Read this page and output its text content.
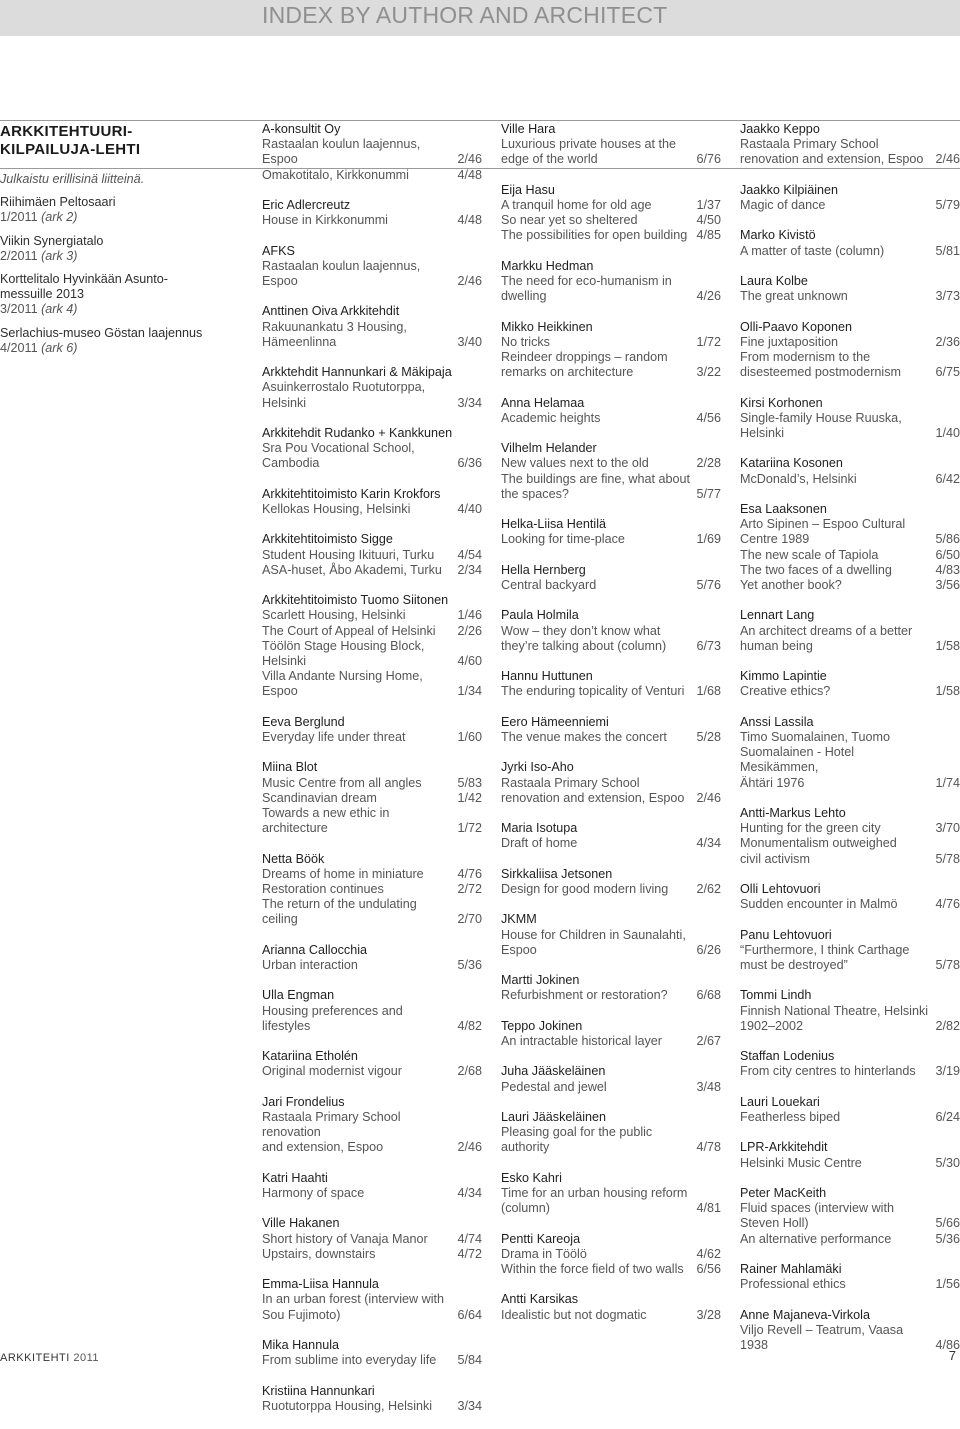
INDEX BY AUTHOR AND ARCHITECT
ARKKITEHTUURI-
KILPAILUJA-LEHTI
Julkaistu erillisinä liitteinä.
Riihimäen Peltosaari
1/2011 (ark 2)
Viikin Synergiatalo
2/2011 (ark 3)
Korttelitalo Hyvinkään Asunto-
messuille 2013
3/2011 (ark 4)
Serlachius-museo Göstan laajennus
4/2011 (ark 6)
A-konsultit Oy
Rastaalan koulun laajennus, Espoo	2/46
Omakotitalo, Kirkkonummi	4/48
Eric Adlercreutz
House in Kirkkonummi	4/48
AFKS
Rastaalan koulun laajennus, Espoo	2/46
Anttinen Oiva Arkkitehdit
Rakuunankatu 3 Housing,
Hämeenlinna	3/40
Arkktehdit Hannunkari & Mäkipaja
Asuinkerrostalo Ruotutorppa,
Helsinki	3/34
Arkkitehdit Rudanko + Kankkunen
Sra Pou Vocational School,
Cambodia	6/36
Arkkitehtitoimisto Karin Krokfors
Kellokas Housing, Helsinki	4/40
Arkkitehtitoimisto Sigge
Student Housing Ikituuri, Turku	4/54
ASA-huset, Åbo Akademi, Turku	2/34
Arkkitehtitoimisto Tuomo Siitonen
Scarlett Housing, Helsinki	1/46
The Court of Appeal of Helsinki	2/26
Töölön Stage Housing Block,
Helsinki	4/60
Villa Andante Nursing Home, Espoo	1/34
Eeva Berglund
Everyday life under threat	1/60
Miina Blot
Music Centre from all angles	5/83
Scandinavian dream	1/42
Towards a new ethic in architecture	1/72
Netta Böök
Dreams of home in miniature	4/76
Restoration continues	2/72
The return of the undulating ceiling	2/70
Arianna Callocchia
Urban interaction	5/36
Ulla Engman
Housing preferences and lifestyles	4/82
Katariina Etholén
Original modernist vigour	2/68
Jari Frondelius
Rastaala Primary School renovation
and extension, Espoo	2/46
Katri Haahti
Harmony of space	4/34
Ville Hakanen
Short history of Vanaja Manor	4/74
Upstairs, downstairs	4/72
Emma-Liisa Hannula
In an urban forest (interview with
Sou Fujimoto)	6/64
Mika Hannula
From sublime into everyday life	5/84
Kristiina Hannunkari
Ruotutorppa Housing, Helsinki	3/34
Ville Hara
Luxurious private houses at the
edge of the world	6/76
Eija Hasu
A tranquil home for old age	1/37
So near yet so sheltered	4/50
The possibilities for open building 4/85
Markku Hedman
The need for eco-humanism in
dwelling	4/26
Mikko Heikkinen
No tricks	1/72
Reindeer droppings – random
remarks on architecture	3/22
Anna Helamaa
Academic heights	4/56
Vilhelm Helander
New values next to the old	2/28
The buildings are fine, what about
the spaces?	5/77
Helka-Liisa Hentilä
Looking for time-place	1/69
Hella Hernberg
Central backyard	5/76
Paula Holmila
Wow – they don’t know what
they’re talking about (column)	6/73
Hannu Huttunen
The enduring topicality of Venturi 1/68
Eero Hämeenniemi
The venue makes the concert	5/28
Jyrki Iso-Aho
Rastaala Primary School
renovation and extension, Espoo 2/46
Maria Isotupa
Draft of home	4/34
Sirkkaliisa Jetsonen
Design for good modern living	2/62
JKMM
House for Children in Saunalahti,
Espoo	6/26
Martti Jokinen
Refurbishment or restoration?	6/68
Teppo Jokinen
An intractable historical layer	2/67
Juha Jääskeläinen
Pedestal and jewel	3/48
Lauri Jääskeläinen
Pleasing goal for the public
authority	4/78
Esko Kahri
Time for an urban housing reform
(column)	4/81
Pentti Kareoja
Drama in Töölö	4/62
Within the force field of two walls	6/56
Antti Karsikas
Idealistic but not dogmatic	3/28
Jaakko Keppo
Rastaala Primary School
renovation and extension, Espoo 2/46
Jaakko Kilpiäinen
Magic of dance	5/79
Marko Kivistö
A matter of taste (column)	5/81
Laura Kolbe
The great unknown	3/73
Olli-Paavo Koponen
Fine juxtaposition	2/36
From modernism to the
disesteemed postmodernism	6/75
Kirsi Korhonen
Single-family House Ruuska,
Helsinki	1/40
Katariina Kosonen
McDonald’s, Helsinki	6/42
Esa Laaksonen
Arto Sipinen – Espoo Cultural
Centre 1989	5/86
The new scale of Tapiola	6/50
The two faces of a dwelling	4/83
Yet another book?	3/56
Lennart Lang
An architect dreams of a better
human being	1/58
Kimmo Lapintie
Creative ethics?	1/58
Anssi Lassila
Timo Suomalainen, Tuomo
Suomalainen - Hotel Mesikämmen,
Ähtäri 1976	1/74
Antti-Markus Lehto
Hunting for the green city	3/70
Monumentalism outweighed
civil activism	5/78
Olli Lehtovuori
Sudden encounter in Malmö	4/76
Panu Lehtovuori
“Furthermore, I think Carthage
must be destroyed”	5/78
Tommi Lindh
Finnish National Theatre, Helsinki
1902–2002	2/82
Staffan Lodenius
From city centres to hinterlands	3/19
Lauri Louekari
Featherless biped	6/24
LPR-Arkkitehdit
Helsinki Music Centre	5/30
Peter MacKeith
Fluid spaces (interview with
Steven Holl)	5/66
An alternative performance	5/36
Rainer Mahlamäki
Professional ethics	1/56
Anne Majaneva-Virkola
Viljo Revell – Teatrum, Vaasa 1938	4/86
ARKKITEHTI 2011	7
